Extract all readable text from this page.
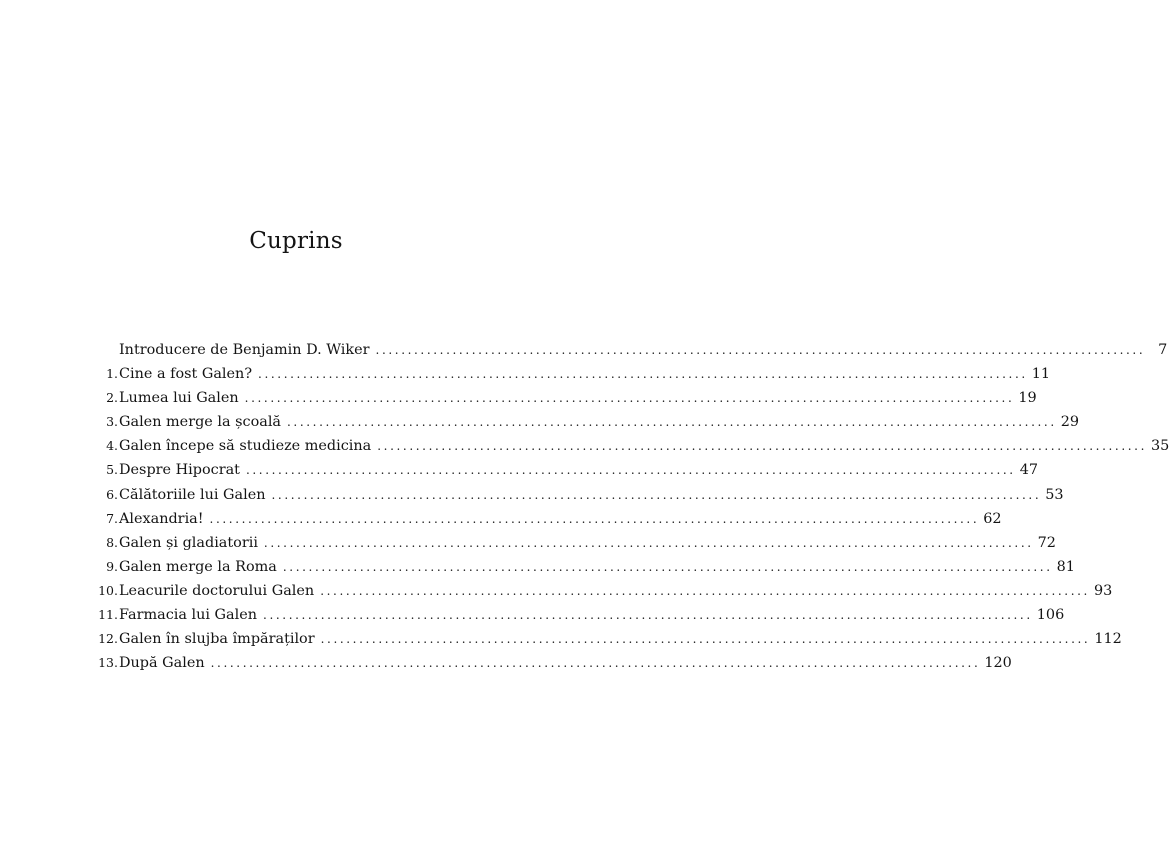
Cuprins
Introducere de Benjamin D. Wiker ........................................................................................................................ 7
1. Cine a fost Galen? ........................................................................................................................ 11
2. Lumea lui Galen ........................................................................................................................ 19
3. Galen merge la școală ........................................................................................................................ 29
4. Galen începe să studieze medicina ........................................................................................................................ 35
5. Despre Hipocrat ........................................................................................................................ 47
6. Călătoriile lui Galen ........................................................................................................................ 53
7. Alexandria! ........................................................................................................................ 62
8. Galen și gladiatorii ........................................................................................................................ 72
9. Galen merge la Roma ........................................................................................................................ 81
10. Leacurile doctorului Galen ........................................................................................................................ 93
11. Farmacia lui Galen ........................................................................................................................ 106
12. Galen în slujba împăraților ........................................................................................................................ 112
13. După Galen ........................................................................................................................ 120
